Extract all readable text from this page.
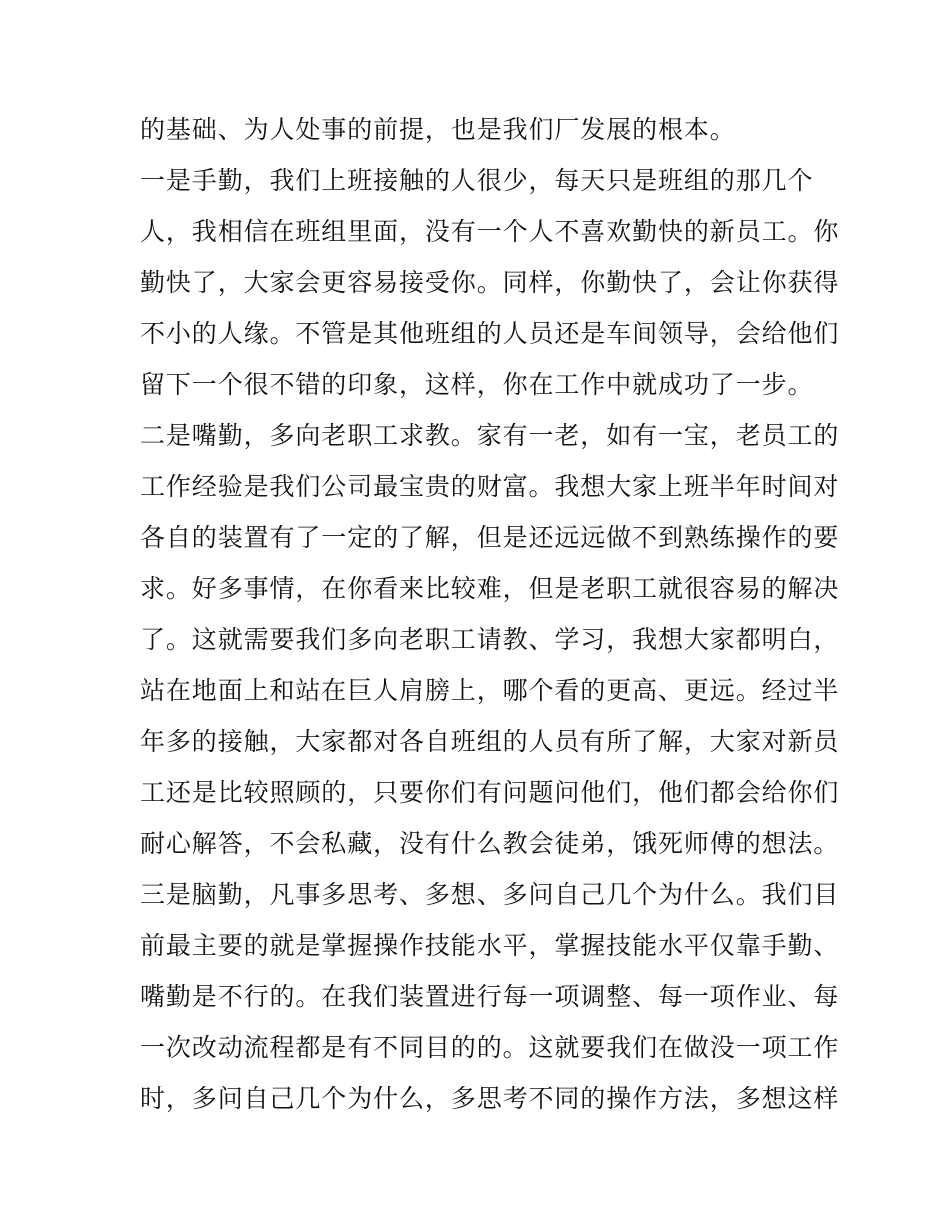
的基础、为人处事的前提，也是我们厂发展的根本。
一是手勤，我们上班接触的人很少，每天只是班组的那几个
人，我相信在班组里面，没有一个人不喜欢勤快的新员工。你
勤快了，大家会更容易接受你。同样，你勤快了，会让你获得
不小的人缘。不管是其他班组的人员还是车间领导，会给他们
留下一个很不错的印象，这样，你在工作中就成功了一步。
二是嘴勤，多向老职工求教。家有一老，如有一宝，老员工的
工作经验是我们公司最宝贵的财富。我想大家上班半年时间对
各自的装置有了一定的了解，但是还远远做不到熟练操作的要
求。好多事情，在你看来比较难，但是老职工就很容易的解决
了。这就需要我们多向老职工请教、学习，我想大家都明白，
站在地面上和站在巨人肩膀上，哪个看的更高、更远。经过半
年多的接触，大家都对各自班组的人员有所了解，大家对新员
工还是比较照顾的，只要你们有问题问他们，他们都会给你们
耐心解答，不会私藏，没有什么教会徒弟，饿死师傅的想法。
三是脑勤，凡事多思考、多想、多问自己几个为什么。我们目
前最主要的就是掌握操作技能水平，掌握技能水平仅靠手勤、
嘴勤是不行的。在我们装置进行每一项调整、每一项作业、每
一次改动流程都是有不同目的的。这就要我们在做没一项工作
时，多问自己几个为什么，多思考不同的操作方法，多想这样
